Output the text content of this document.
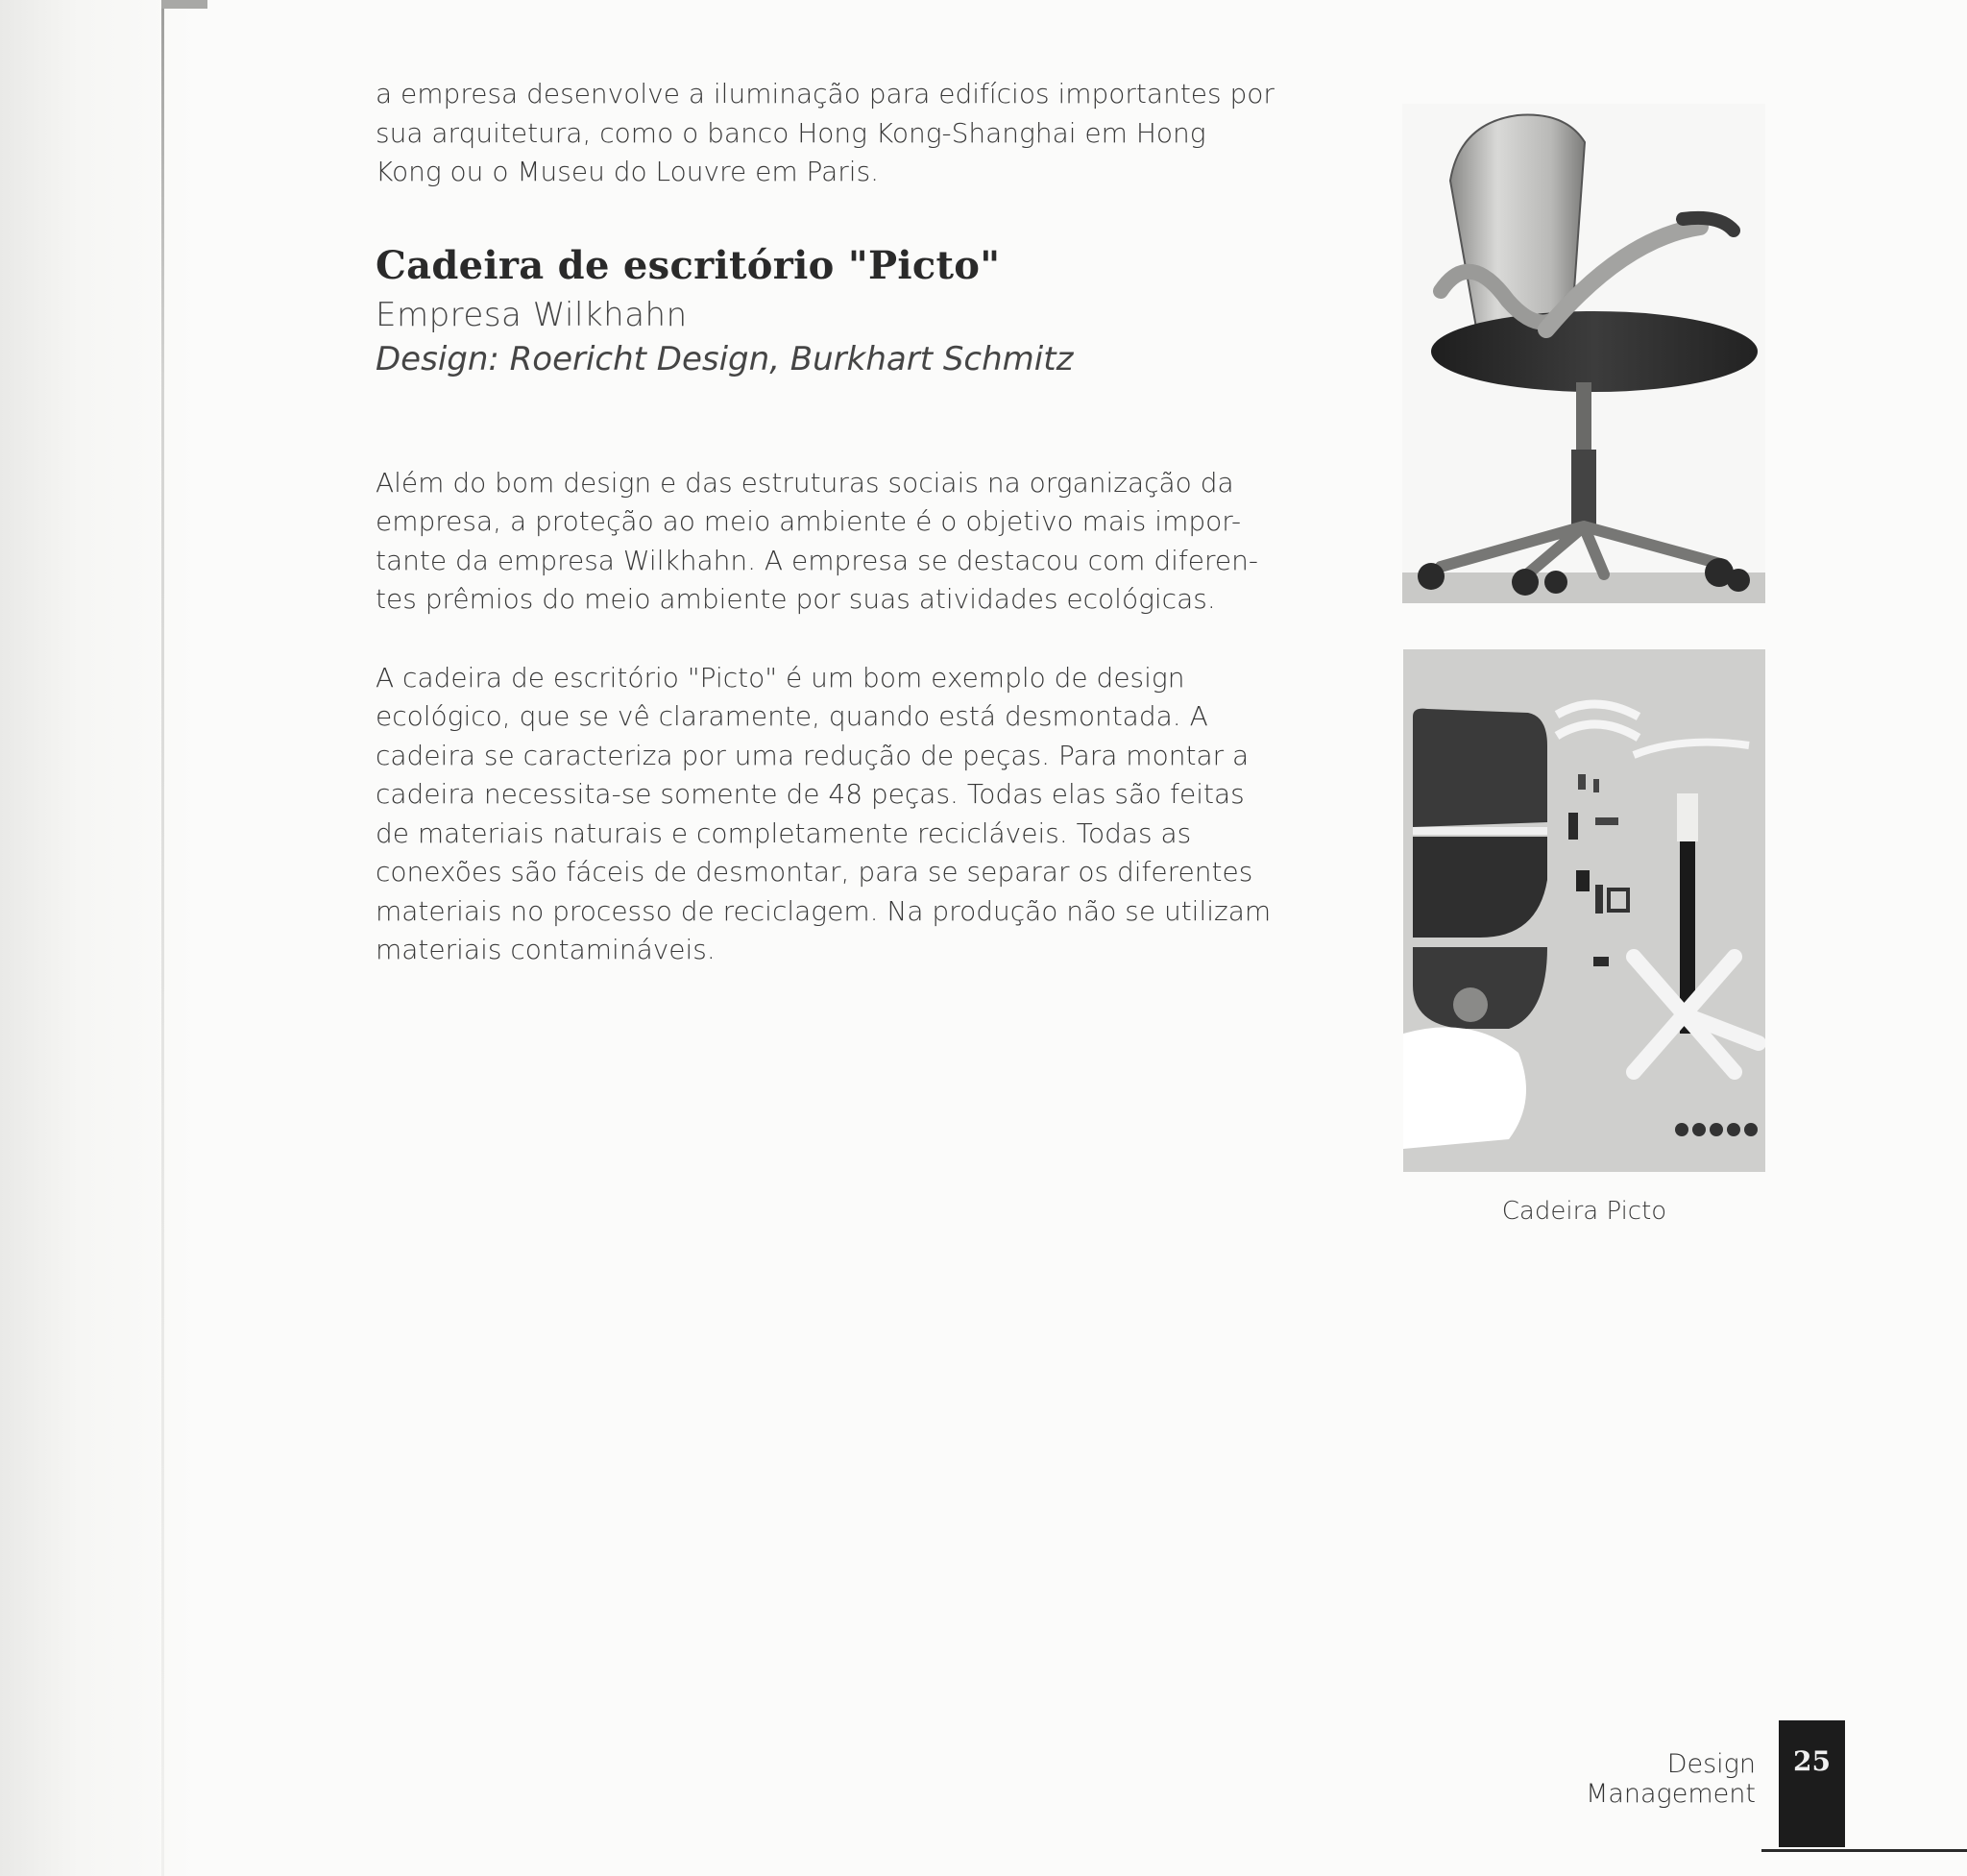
a empresa desenvolve a iluminação para edifícios importantes por sua arquitetura, como o banco Hong Kong-Shanghai em Hong Kong ou o Museu do Louvre em Paris.

Cadeira de escritório "Picto"

Empresa Wilkhahn

Design: Roericht Design, Burkhart Schmitz

Além do bom design e das estruturas sociais na organização da empresa, a proteção ao meio ambiente é o objetivo mais impor-tante da empresa Wilkhahn. A empresa se destacou com diferen-tes prêmios do meio ambiente por suas atividades ecológicas.

A cadeira de escritório "Picto" é um bom exemplo de design ecológico, que se vê claramente, quando está desmontada. A cadeira se caracteriza por uma redução de peças. Para montar a cadeira necessita-se somente de 48 peças. Todas elas são feitas de materiais naturais e completamente recicláveis. Todas as conexões são fáceis de desmontar, para se separar os diferentes materiais no processo de reciclagem. Na produção não se utilizam materiais contamináveis.

Cadeira Picto
Design Management
25
